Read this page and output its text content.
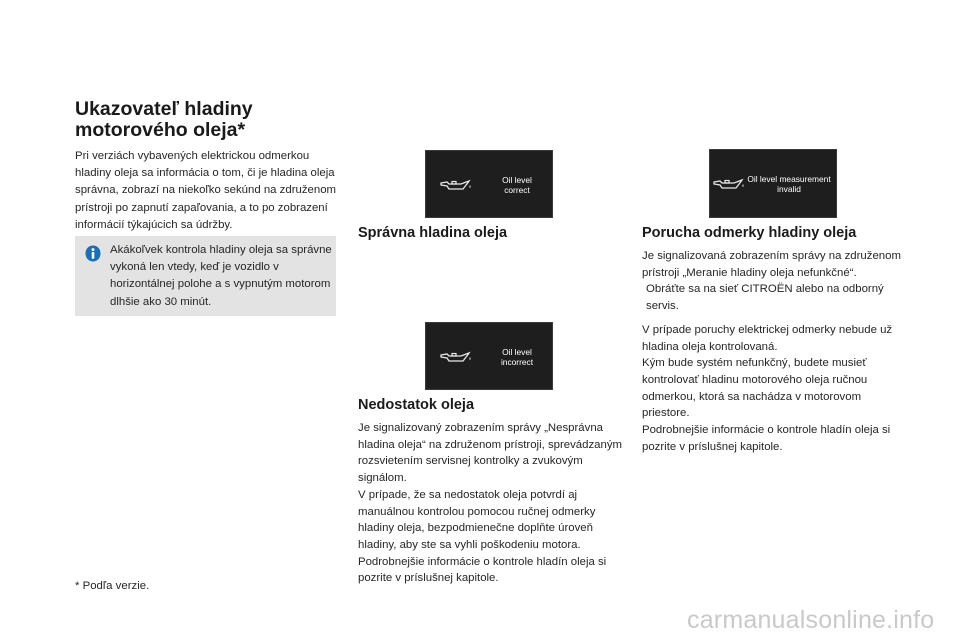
Ukazovateľ hladiny motorového oleja*
Pri verziách vybavených elektrickou odmerkou hladiny oleja sa informácia o tom, či je hladina oleja správna, zobrazí na niekoľko sekúnd na združenom prístroji po zapnutí zapaľovania, a to po zobrazení informácií týkajúcich sa údržby.
Akákoľvek kontrola hladiny oleja sa správne vykoná len vtedy, keď je vozidlo v horizontálnej polohe a s vypnutým motorom dlhšie ako 30 minút.
* Podľa verzie.
Oil level
correct
Oil level
incorrect
Oil level measurement
invalid
Správna hladina oleja
Nedostatok oleja
Je signalizovaný zobrazením správy „Nesprávna hladina oleja“ na združenom prístroji, sprevádzaným rozsvietením servisnej kontrolky a zvukovým signálom.
V prípade, že sa nedostatok oleja potvrdí aj manuálnou kontrolou pomocou ručnej odmerky hladiny oleja, bezpodmienečne doplňte úroveň hladiny, aby ste sa vyhli poškodeniu motora.
Podrobnejšie informácie o kontrole hladín oleja si pozrite v príslušnej kapitole.
Porucha odmerky hladiny oleja
Je signalizovaná zobrazením správy na združenom prístroji „Meranie hladiny oleja nefunkčné“.
Obráťte sa na sieť CITROËN alebo na odborný servis.
V prípade poruchy elektrickej odmerky nebude už hladina oleja kontrolovaná.
Kým bude systém nefunkčný, budete musieť kontrolovať hladinu motorového oleja ručnou odmerkou, ktorá sa nachádza v motorovom priestore.
Podrobnejšie informácie o kontrole hladín oleja si pozrite v príslušnej kapitole.
carmanualsonline.info
